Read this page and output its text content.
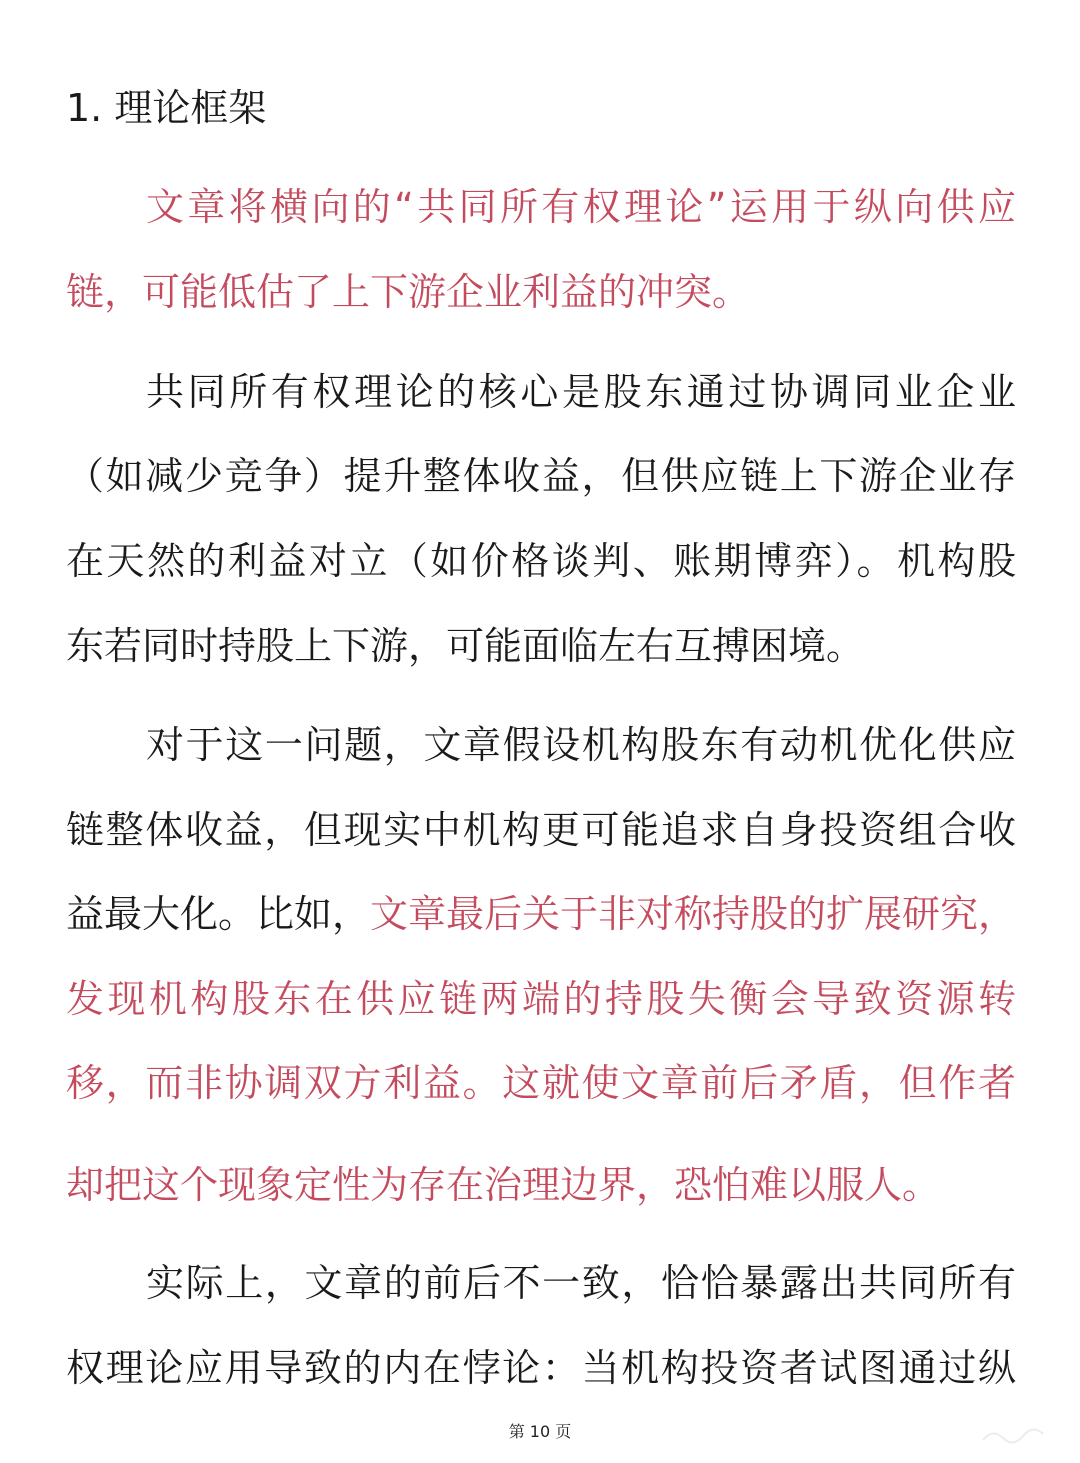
1. 理论框架
文章将横向的“共同所有权理论”运用于纵向供应
链，可能低估了上下游企业利益的冲突。
共同所有权理论的核心是股东通过协调同业企业
（如减少竞争）提升整体收益，但供应链上下游企业存
在天然的利益对立（如价格谈判、账期博弈）。机构股
东若同时持股上下游，可能面临左右互搏困境。
对于这一问题，文章假设机构股东有动机优化供应
链整体收益，但现实中机构更可能追求自身投资组合收
益最大化。比如，文章最后关于非对称持股的扩展研究，
发现机构股东在供应链两端的持股失衡会导致资源转
移，而非协调双方利益。这就使文章前后矛盾，但作者
却把这个现象定性为存在治理边界，恐怕难以服人。
实际上，文章的前后不一致，恰恰暴露出共同所有
权理论应用导致的内在悖论：当机构投资者试图通过纵
第 10 页
